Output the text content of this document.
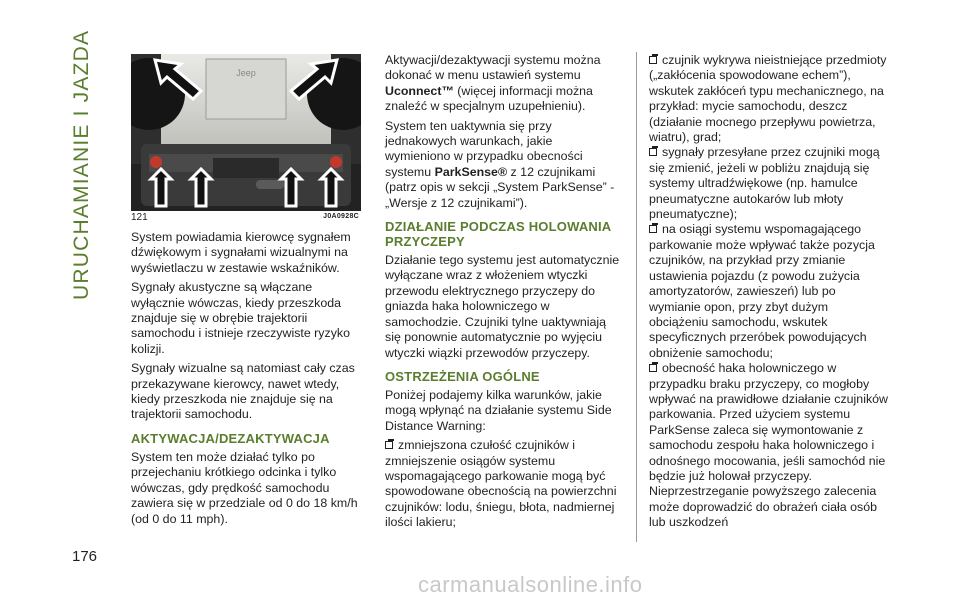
URUCHAMIANIE I JAZDA	Jeep
121	J0A0928C

System powiadamia kierowcę sygnałem dźwiękowym i sygnałami wizualnymi na wyświetlaczu w zestawie wskaźników.

Sygnały akustyczne są włączane wyłącznie wówczas, kiedy przeszkoda znajduje się w obrębie trajektorii samochodu i istnieje rzeczywiste ryzyko kolizji.

Sygnały wizualne są natomiast cały czas przekazywane kierowcy, nawet wtedy, kiedy przeszkoda nie znajduje się na trajektorii samochodu.

AKTYWACJA/DEZAKTYWACJA

System ten może działać tylko po przejechaniu krótkiego odcinka i tylko wówczas, gdy prędkość samochodu zawiera się w przedziale od 0 do 18 km/h (od 0 do 11 mph).

Aktywacji/dezaktywacji systemu można dokonać w menu ustawień systemu Uconnect™ (więcej informacji można znaleźć w specjalnym uzupełnieniu).

System ten uaktywnia się przy jednakowych warunkach, jakie wymieniono w przypadku obecności systemu ParkSense® z 12 czujnikami (patrz opis w sekcji „System ParkSense” - „Wersje z 12 czujnikami”).

DZIAŁANIE PODCZAS HOLOWANIA PRZYCZEPY

Działanie tego systemu jest automatycznie wyłączane wraz z włożeniem wtyczki przewodu elektrycznego przyczepy do gniazda haka holowniczego w samochodzie. Czujniki tylne uaktywniają się ponownie automatycznie po wyjęciu wtyczki wiązki przewodów przyczepy.

OSTRZEŻENIA OGÓLNE

Poniżej podajemy kilka warunków, jakie mogą wpłynąć na działanie systemu Side Distance Warning:

zmniejszona czułość czujników i zmniejszenie osiągów systemu wspomagającego parkowanie mogą być spowodowane obecnością na powierzchni czujników: lodu, śniegu, błota, nadmiernej ilości lakieru;

czujnik wykrywa nieistniejące przedmioty („zakłócenia spowodowane echem”), wskutek zakłóceń typu mechanicznego, na przykład: mycie samochodu, deszcz (działanie mocnego przepływu powietrza, wiatru), grad;

sygnały przesyłane przez czujniki mogą się zmienić, jeżeli w pobliżu znajdują się systemy ultradźwiękowe (np. hamulce pneumatyczne autokarów lub młoty pneumatyczne);

na osiągi systemu wspomagającego parkowanie może wpływać także pozycja czujników, na przykład przy zmianie ustawienia pojazdu (z powodu zużycia amortyzatorów, zawieszeń) lub po wymianie opon, przy zbyt dużym obciążeniu samochodu, wskutek specyficznych przeróbek powodujących obniżenie samochodu;

obecność haka holowniczego w przypadku braku przyczepy, co mogłoby wpływać na prawidłowe działanie czujników parkowania. Przed użyciem systemu ParkSense zaleca się wymontowanie z samochodu zespołu haka holowniczego i odnośnego mocowania, jeśli samochód nie będzie już holował przyczepy. Nieprzestrzeganie powyższego zalecenia może doprowadzić do obrażeń ciała osób lub uszkodzeń

176
carmanualsonline.info
